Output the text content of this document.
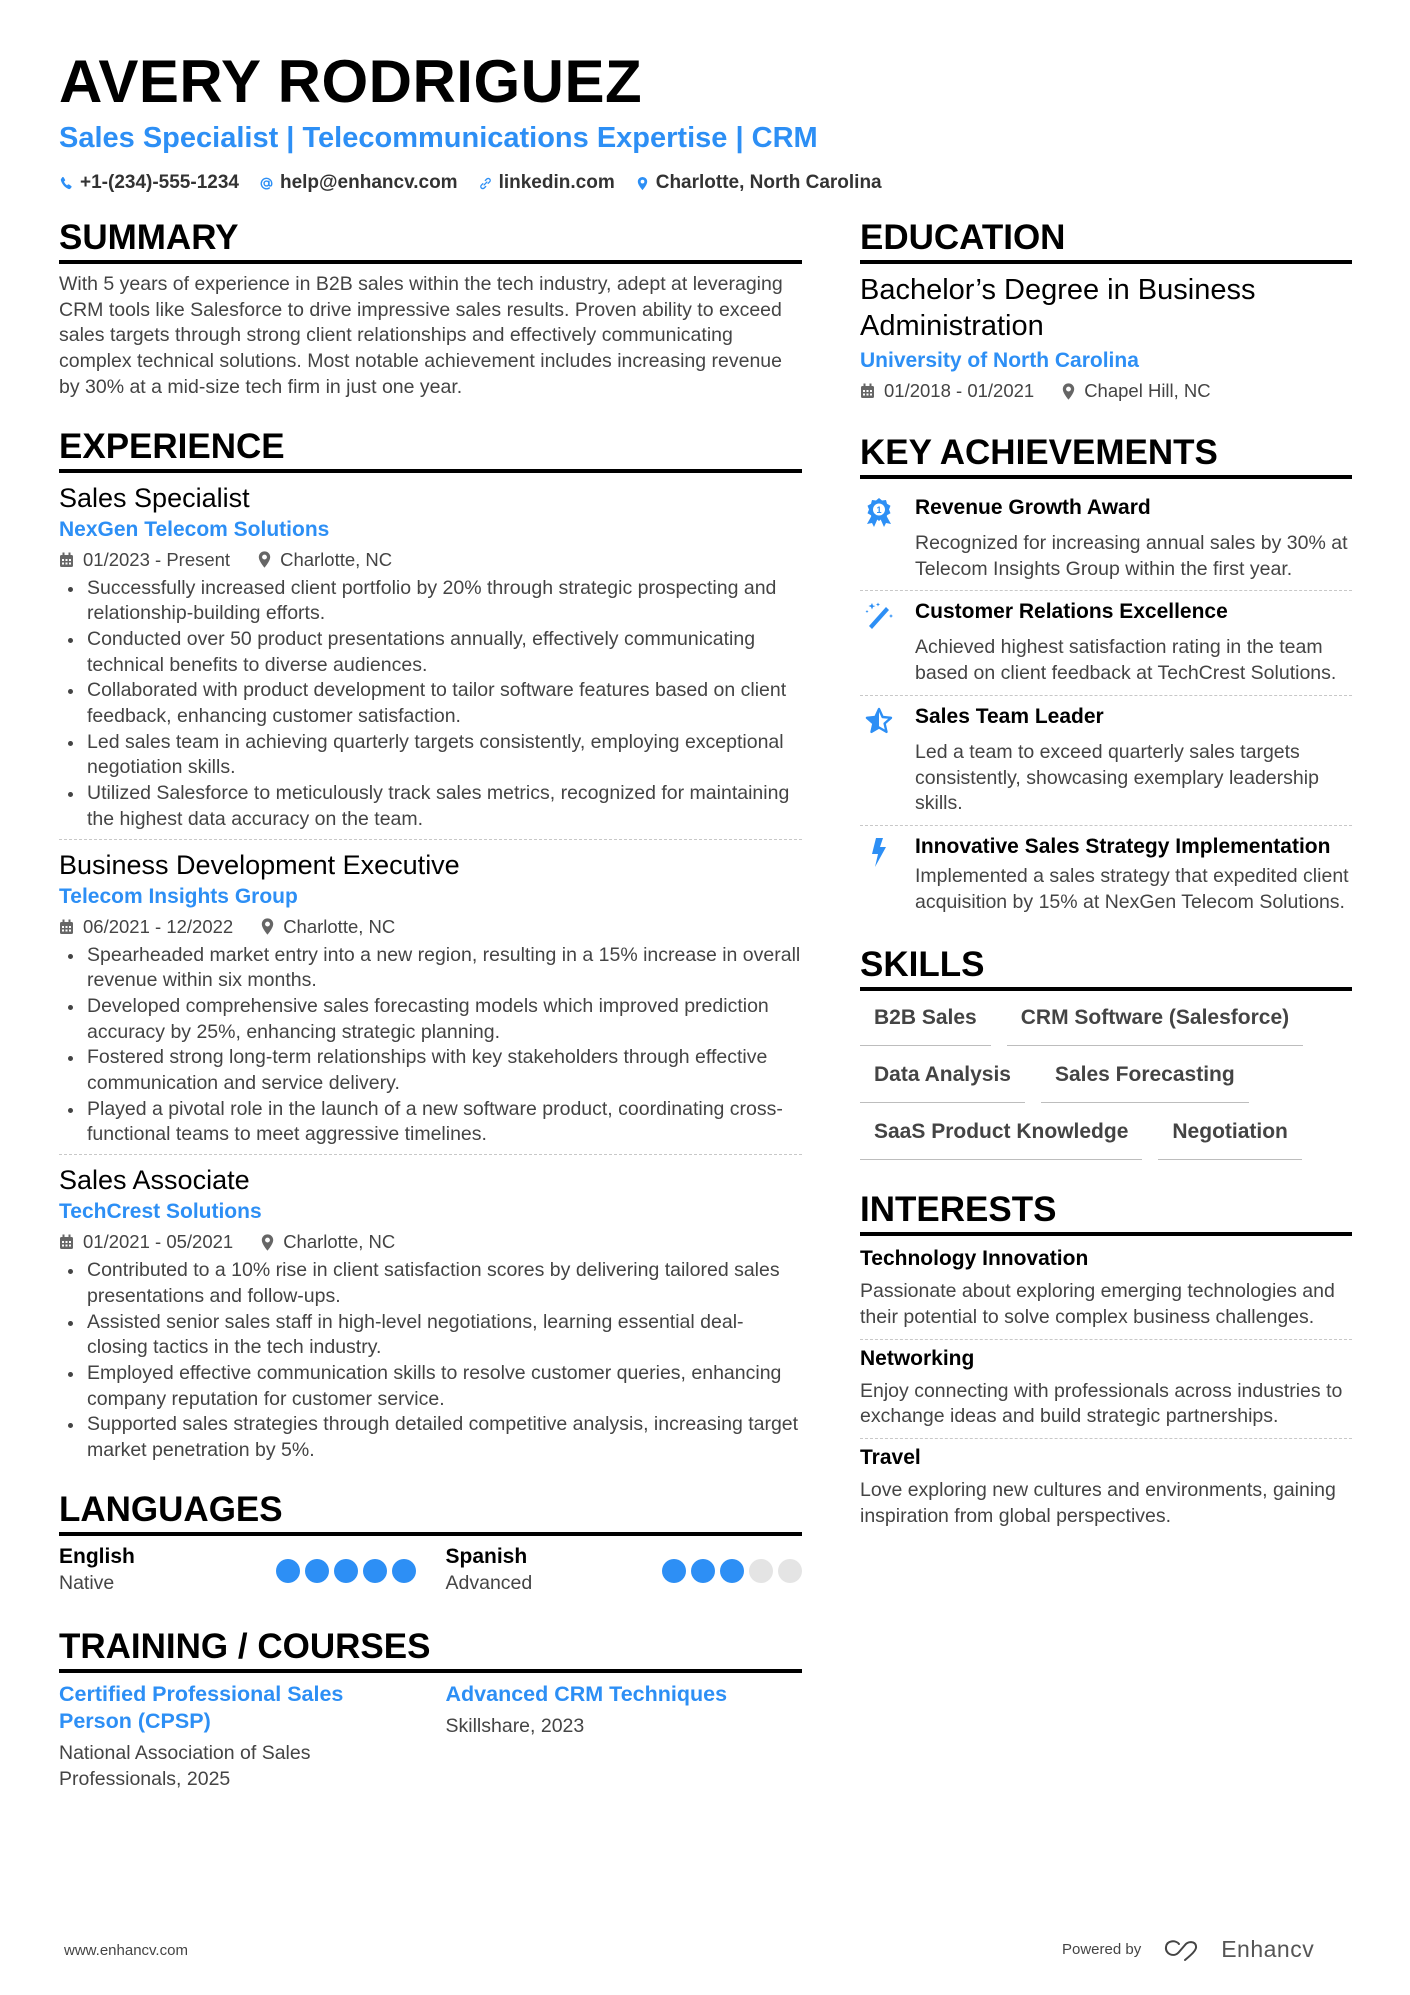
AVERY RODRIGUEZ
Sales Specialist | Telecommunications Expertise | CRM
+1-(234)-555-1234 help@enhancv.com linkedin.com Charlotte, North Carolina
SUMMARY
With 5 years of experience in B2B sales within the tech industry, adept at leveraging CRM tools like Salesforce to drive impressive sales results. Proven ability to exceed sales targets through strong client relationships and effectively communicating complex technical solutions. Most notable achievement includes increasing revenue by 30% at a mid-size tech firm in just one year.
EXPERIENCE
Sales Specialist
NexGen Telecom Solutions
01/2023 - Present	Charlotte, NC
Successfully increased client portfolio by 20% through strategic prospecting and relationship-building efforts.
Conducted over 50 product presentations annually, effectively communicating technical benefits to diverse audiences.
Collaborated with product development to tailor software features based on client feedback, enhancing customer satisfaction.
Led sales team in achieving quarterly targets consistently, employing exceptional negotiation skills.
Utilized Salesforce to meticulously track sales metrics, recognized for maintaining the highest data accuracy on the team.
Business Development Executive
Telecom Insights Group
06/2021 - 12/2022	Charlotte, NC
Spearheaded market entry into a new region, resulting in a 15% increase in overall revenue within six months.
Developed comprehensive sales forecasting models which improved prediction accuracy by 25%, enhancing strategic planning.
Fostered strong long-term relationships with key stakeholders through effective communication and service delivery.
Played a pivotal role in the launch of a new software product, coordinating cross-functional teams to meet aggressive timelines.
Sales Associate
TechCrest Solutions
01/2021 - 05/2021	Charlotte, NC
Contributed to a 10% rise in client satisfaction scores by delivering tailored sales presentations and follow-ups.
Assisted senior sales staff in high-level negotiations, learning essential deal-closing tactics in the tech industry.
Employed effective communication skills to resolve customer queries, enhancing company reputation for customer service.
Supported sales strategies through detailed competitive analysis, increasing target market penetration by 5%.
LANGUAGES
English
Native
Spanish
Advanced
TRAINING / COURSES
Certified Professional Sales Person (CPSP)
National Association of Sales Professionals, 2025
Advanced CRM Techniques
Skillshare, 2023
EDUCATION
Bachelor’s Degree in Business Administration
University of North Carolina
01/2018 - 01/2021	Chapel Hill, NC
KEY ACHIEVEMENTS
1 Revenue Growth Award
Recognized for increasing annual sales by 30% at Telecom Insights Group within the first year.
Customer Relations Excellence
Achieved highest satisfaction rating in the team based on client feedback at TechCrest Solutions.
Sales Team Leader
Led a team to exceed quarterly sales targets consistently, showcasing exemplary leadership skills.
Innovative Sales Strategy Implementation
Implemented a sales strategy that expedited client acquisition by 15% at NexGen Telecom Solutions.
SKILLS
B2B Sales	CRM Software (Salesforce)
Data Analysis	Sales Forecasting
SaaS Product Knowledge	Negotiation
INTERESTS
Technology Innovation
Passionate about exploring emerging technologies and their potential to solve complex business challenges.
Networking
Enjoy connecting with professionals across industries to exchange ideas and build strategic partnerships.
Travel
Love exploring new cultures and environments, gaining inspiration from global perspectives.
www.enhancv.com	Powered by	Enhancv
